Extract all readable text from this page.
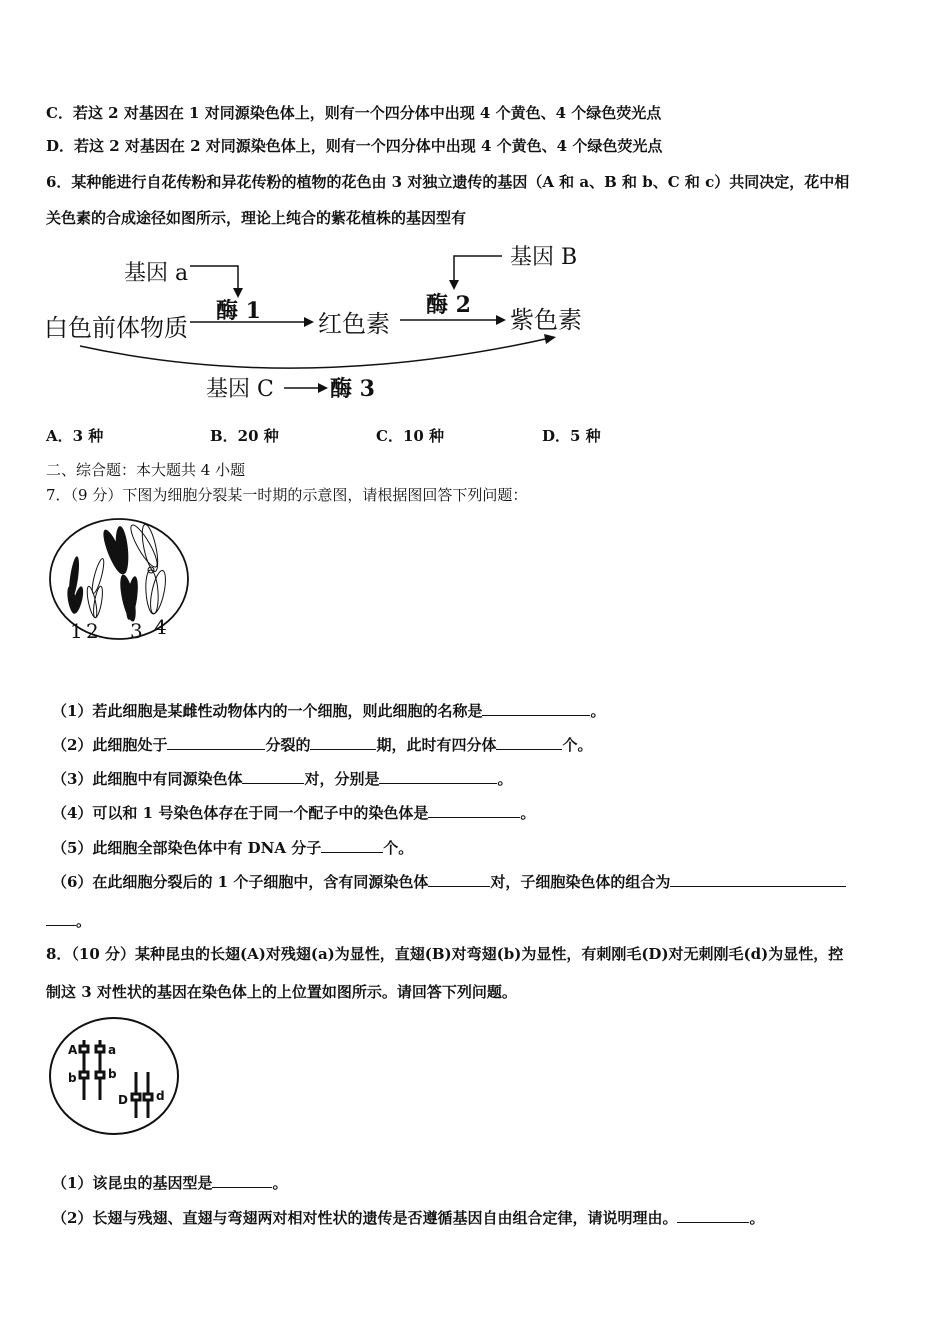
C．若这 2 对基因在 1 对同源染色体上，则有一个四分体中出现 4 个黄色、4 个绿色荧光点
D．若这 2 对基因在 2 对同源染色体上，则有一个四分体中出现 4 个黄色、4 个绿色荧光点
6．某种能进行自花传粉和异花传粉的植物的花色由 3 对独立遗传的基因（A 和 a、B 和 b、C 和 c）共同决定，花中相
关色素的合成途径如图所示，理论上纯合的紫花植株的基因型有
基因 a
基因 B
基因 C
酶 1	酶 2
酶 3
白色前体物质	红色素	紫色素
A．3 种	B．20 种	C．10 种	D．5 种
二、综合题：本大题共 4 小题
7．（9 分）下图为细胞分裂某一时期的示意图，请根据图回答下列问题：
1 2 3 4
（1）若此细胞是某雌性动物体内的一个细胞，则此细胞的名称是	。
（2）此细胞处于	分裂的	期，此时有四分体	个。
（3）此细胞中有同源染色体	对，分别是	。
（4）可以和 1 号染色体存在于同一个配子中的染色体是	。
（5）此细胞全部染色体中有 DNA 分子	个。
（6）在此细胞分裂后的 1 个子细胞中，含有同源染色体	对，子细胞染色体的组合为
。
8．（10 分）某种昆虫的长翅(A)对残翅(a)为显性，直翅(B)对弯翅(b)为显性，有刺刚毛(D)对无刺刚毛(d)为显性，控
制这 3 对性状的基因在染色体上的上位置如图所示。请回答下列问题。
A	a
b	b
D d
（1）该昆虫的基因型是	。
（2）长翅与残翅、直翅与弯翅两对相对性状的遗传是否遵循基因自由组合定律，请说明理由。	。
